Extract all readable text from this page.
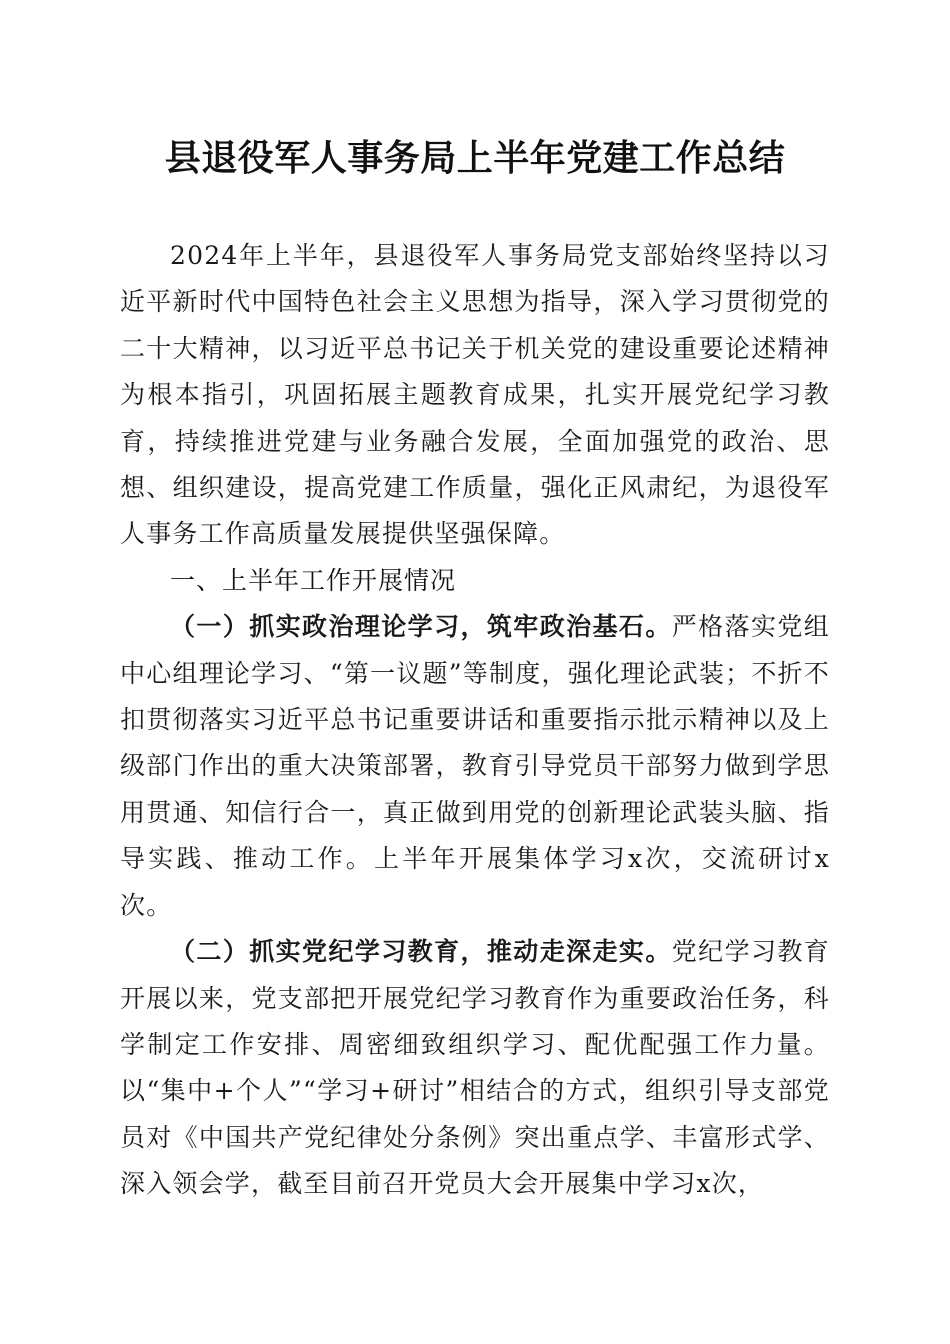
县退役军人事务局上半年党建工作总结

2024年上半年，县退役军人事务局党支部始终坚持以习近平新时代中国特色社会主义思想为指导，深入学习贯彻党的二十大精神，以习近平总书记关于机关党的建设重要论述精神为根本指引，巩固拓展主题教育成果，扎实开展党纪学习教育，持续推进党建与业务融合发展，全面加强党的政治、思想、组织建设，提高党建工作质量，强化正风肃纪，为退役军人事务工作高质量发展提供坚强保障。

一、上半年工作开展情况

（一）抓实政治理论学习，筑牢政治基石。严格落实党组中心组理论学习、“第一议题”等制度，强化理论武装；不折不扣贯彻落实习近平总书记重要讲话和重要指示批示精神以及上级部门作出的重大决策部署，教育引导党员干部努力做到学思用贯通、知信行合一，真正做到用党的创新理论武装头脑、指导实践、推动工作。上半年开展集体学习x次，交流研讨x次。

（二）抓实党纪学习教育，推动走深走实。党纪学习教育开展以来，党支部把开展党纪学习教育作为重要政治任务，科学制定工作安排、周密细致组织学习、配优配强工作力量。以“集中+个人”“学习+研讨”相结合的方式，组织引导支部党员对《中国共产党纪律处分条例》突出重点学、丰富形式学、深入领会学，截至目前召开党员大会开展集中学习x次，
